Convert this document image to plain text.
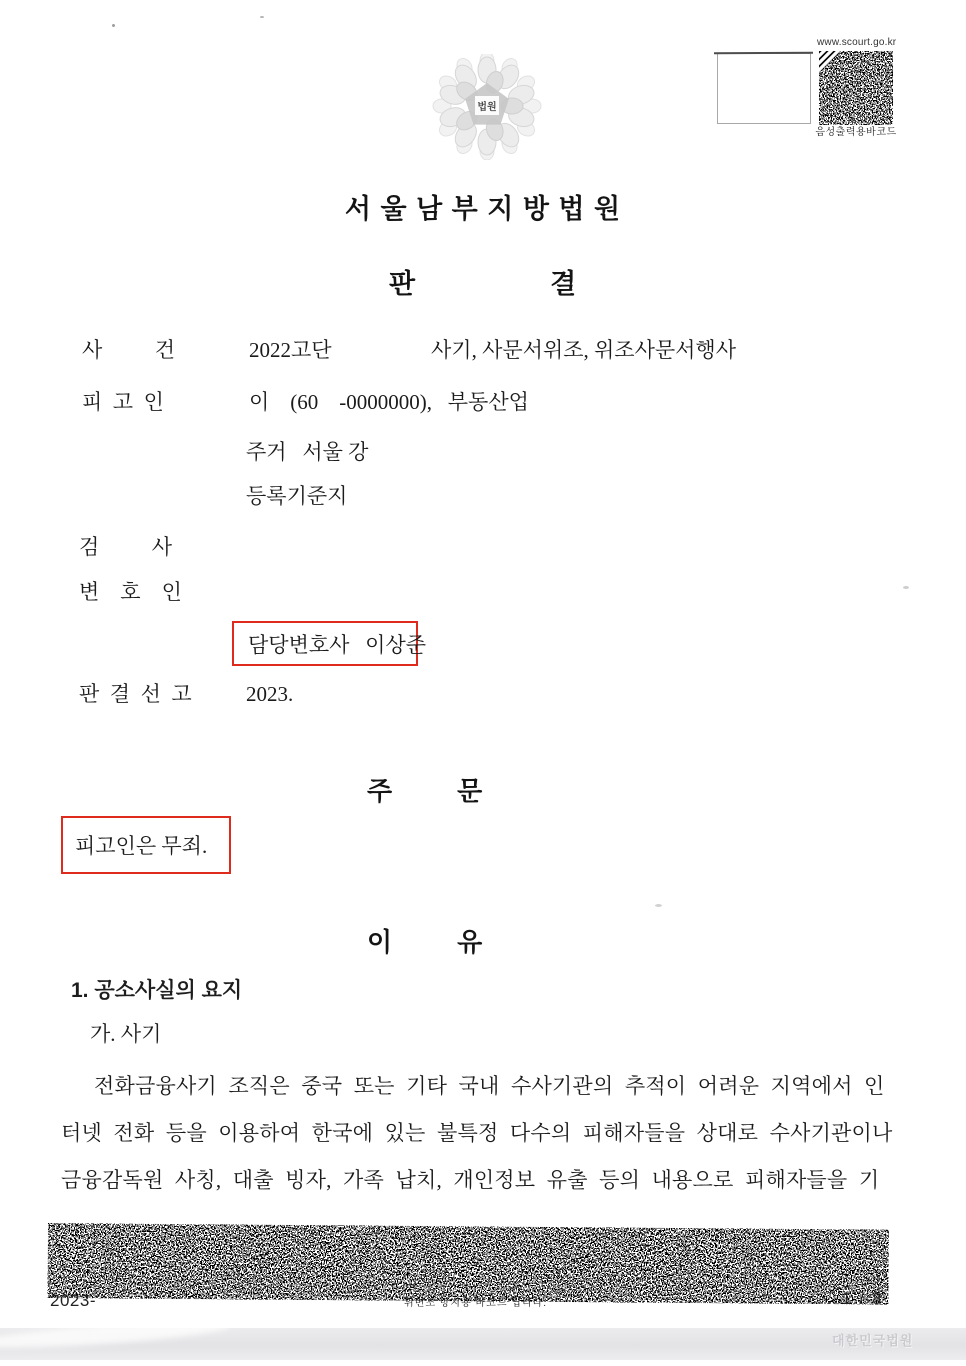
www.scourt.go.kr
음성출력용바코드
법원
서 울 남 부 지 방 법 원
판                  결
사          건	2022고단	사기, 사문서위조, 위조사문서행사
피  고  인	이    (60    -0000000),   부동산업
주거   서울 강
등록기준지
검          사
변    호    인
담당변호사   이상준
판  결  선  고	2023.
주         문
피고인은 무죄.
이         유
1. 공소사실의 요지
가. 사기
전화금융사기 조직은 중국 또는 기타 국내 수사기관의 추적이 어려운 지역에서 인
터넷 전화 등을 이용하여 한국에 있는 불특정 다수의 피해자들을 상대로 수사기관이나
금융감독원 사칭, 대출 빙자, 가족 납치, 개인정보 유출 등의 내용으로 피해자들을 기
2023-	위변조 방지용 바코드 입니다.	1 / 8
대한민국법원
